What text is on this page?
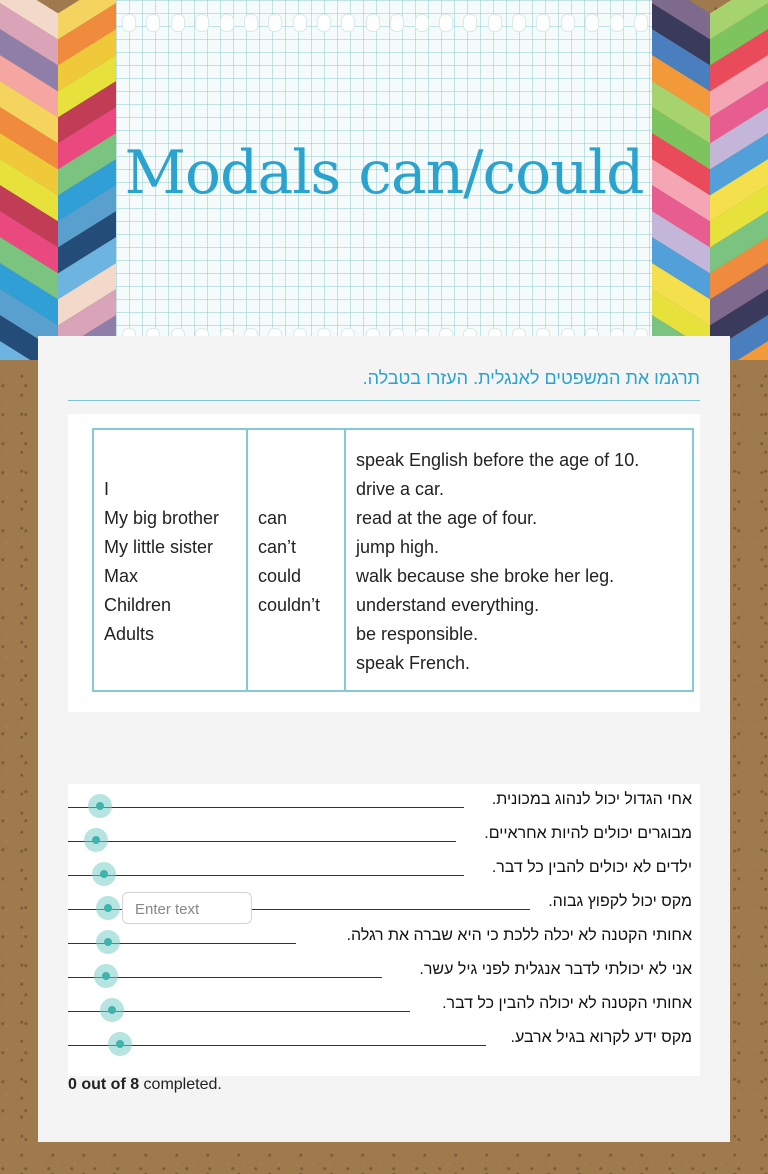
Modals can/could
תרגמו את המשפטים לאנגלית. העזרו בטבלה.
I
My big brother
My little sister
Max
Children
Adults
can
can’t
could
couldn’t
speak English before the age of 10.
drive a car.
read at the age of four.
jump high.
walk because she broke her leg.
understand everything.
be responsible.
speak French.
אחי הגדול יכול לנהוג במכונית.
מבוגרים יכולים להיות אחראיים.
ילדים לא יכולים להבין כל דבר.
מקס יכול לקפוץ גבוה.
אחותי הקטנה לא יכלה ללכת כי היא שברה את רגלה.
אני לא יכולתי לדבר אנגלית לפני גיל עשר.
אחותי הקטנה לא יכולה להבין כל דבר.
מקס ידע לקרוא בגיל ארבע.
Enter text
0 out of 8 completed.
